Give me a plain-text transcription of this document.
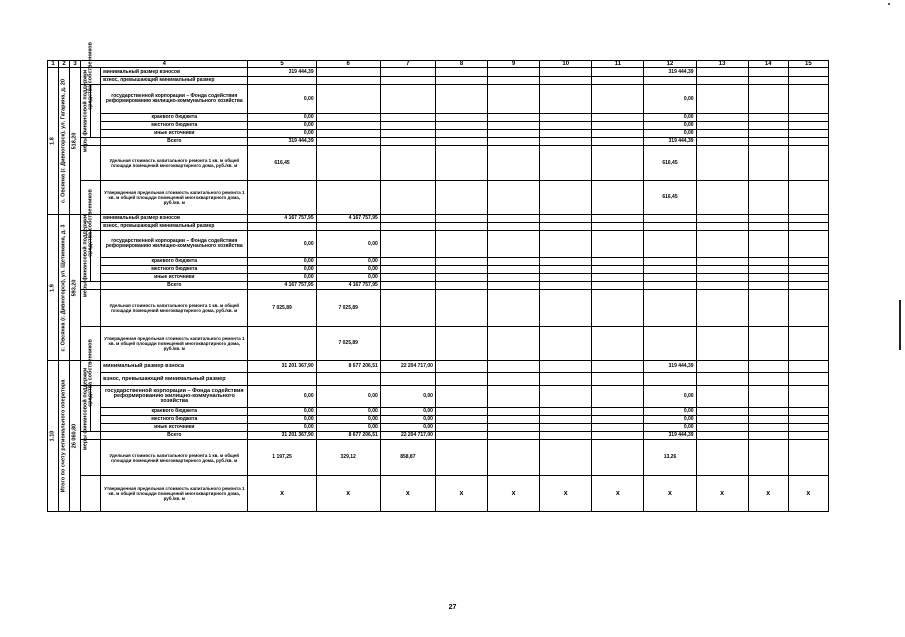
1	2	3	4			5	6	7	8	9	10	11	12	13	14	15

1.8	с. Овсянка (г. Дивногорск), ул. Гагарина, д. 20	518,20	средства собственников		минимальный размер взносов	319 444,39							319 444,39			
					взнос, превышающий минимальный размер											

			меры финансовой поддержки		государственной корпорации – Фонда содействия реформированию жилищно-коммунального хозяйства	0,00							0,00			
					краевого бюджета	0,00							0,00			
					местного бюджета	0,00							0,00			
					иные источники	0,00							0,00			
					Всего	319 444,39							319 444,39			
					Удельная стоимость капитального ремонта 1 кв. м общей площади помещений многоквартирного дома, руб./кв. м	616,45							616,45			
					Утвержденная предельная стоимость капитального ремонта 1 кв. м общей площади помещений многоквартирного дома, руб./кв. м								616,45			

1.9	с. Овсянка (г. Дивногорск), ул. Щетинкина, д. 3	593,20	средства собственников		минимальный размер взносов	4 167 757,95	4 167 757,95									
					взнос, превышающий минимальный размер											

			меры финансовой поддержки		государственной корпорации – Фонда содействия реформированию жилищно-коммунального хозяйства	0,00	0,00									
					краевого бюджета	0,00	0,00									
					местного бюджета	0,00	0,00									
					иные источники	0,00	0,00									
					Всего	4 167 757,95	4 167 757,95									
					Удельная стоимость капитального ремонта 1 кв. м общей площади помещений многоквартирного дома, руб./кв. м	7 025,89	7 025,89									
					Утвержденная предельная стоимость капитального ремонта 1 кв. м общей площади помещений многоквартирного дома, руб./кв. м		7 025,89									

1.10	Итого по счету регионального оператора	26 060,80	средства собственников		минимальный размер взноса	31 201 367,90	8 677 206,51	22 204 717,00					319 444,39			
					взнос, превышающий минимальный размер											

			меры финансовой поддержки		государственной корпорации – Фонда содействия реформированию жилищно-коммунального хозяйства	0,00	0,00	0,00					0,00			
					краевого бюджета	0,00	0,00	0,00					0,00			
					местного бюджета	0,00	0,00	0,00					0,00			
					иные источники	0,00	0,00	0,00					0,00			
					Всего	31 201 367,90	8 677 206,51	22 204 717,00					319 444,39			
					Удельная стоимость капитального ремонта 1 кв. м общей площади помещений многоквартирного дома, руб./кв. м	1 197,25	329,12	858,87					13,26			
					Утвержденная предельная стоимость капитального ремонта 1 кв. м общей площади помещений многоквартирного дома, руб./кв. м	х	х	х	х	х	х	х	х	х	х	х
27
